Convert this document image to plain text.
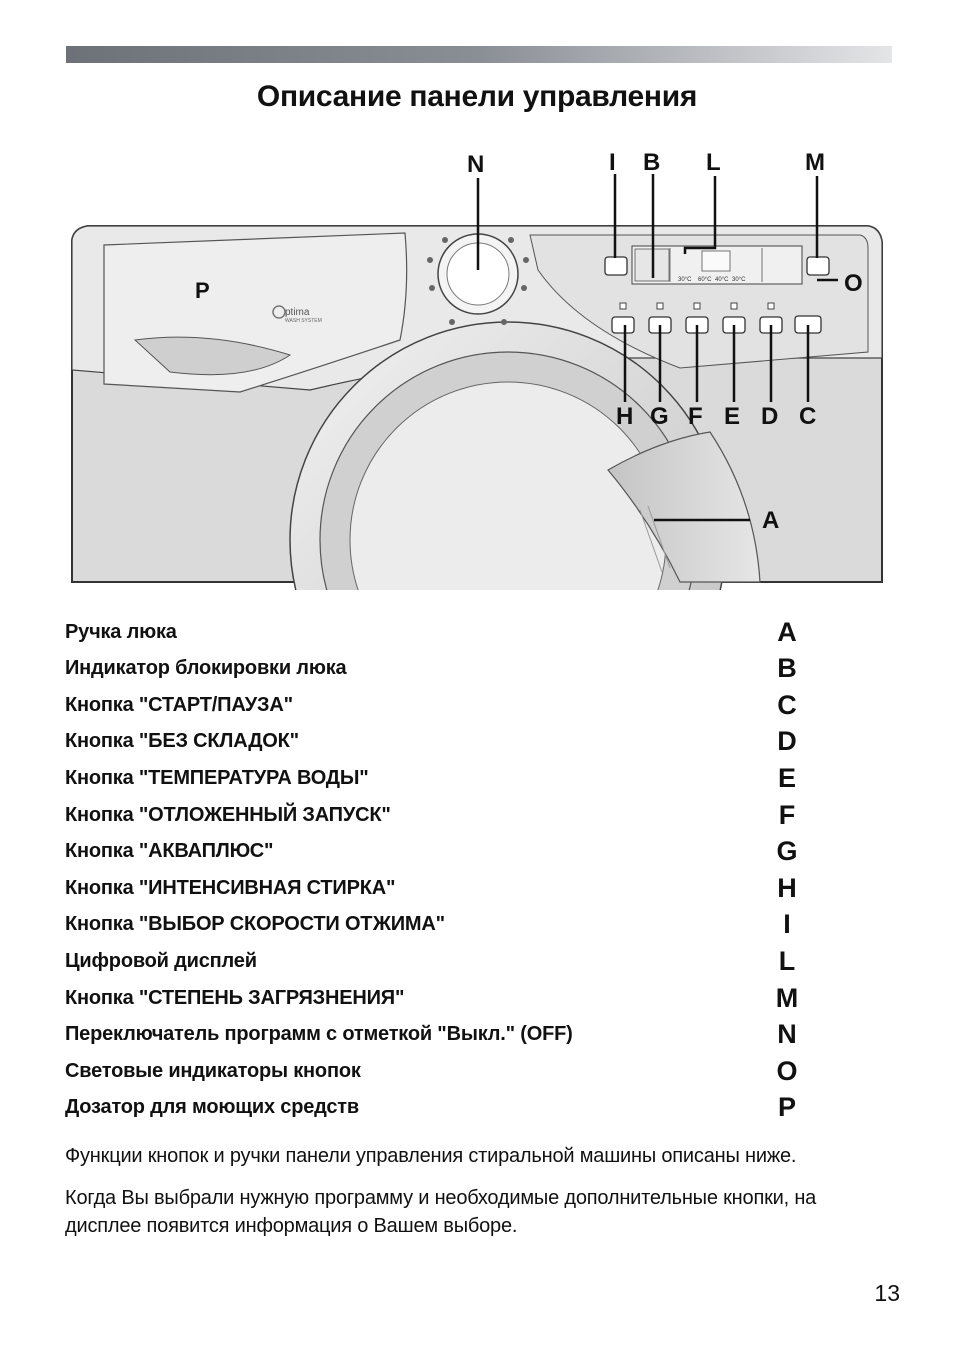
Описание панели управления
ptima
WASH SYSTEM
30°C 60°C 40°C 30°C
N	I B L	M
O
P
H G F E D C
A
Ручка люка	A
Индикатор блокировки люка	B
Кнопка "СТАРТ/ПАУЗА"	C
Кнопка "БЕЗ СКЛАДОК"	D
Кнопка "ТЕМПЕРАТУРА ВОДЫ"	E
Кнопка "ОТЛОЖЕННЫЙ ЗАПУСК"	F
Кнопка "АКВАПЛЮС"	G
Кнопка "ИНТЕНСИВНАЯ СТИРКА"	H
Кнопка "ВЫБОР СКОРОСТИ ОТЖИМА"	I
Цифровой дисплей	L
Кнопка "СТЕПЕНЬ ЗАГРЯЗНЕНИЯ"	M
Переключатель программ с отметкой "Выкл." (OFF)	N
Световые индикаторы кнопок	O
Дозатор для моющих средств	P
Функции кнопок и ручки панели управления стиральной машины описаны ниже.
Когда Вы выбрали нужную программу и необходимые дополнительные кнопки, на дисплее появится информация о Вашем выборе.
13
